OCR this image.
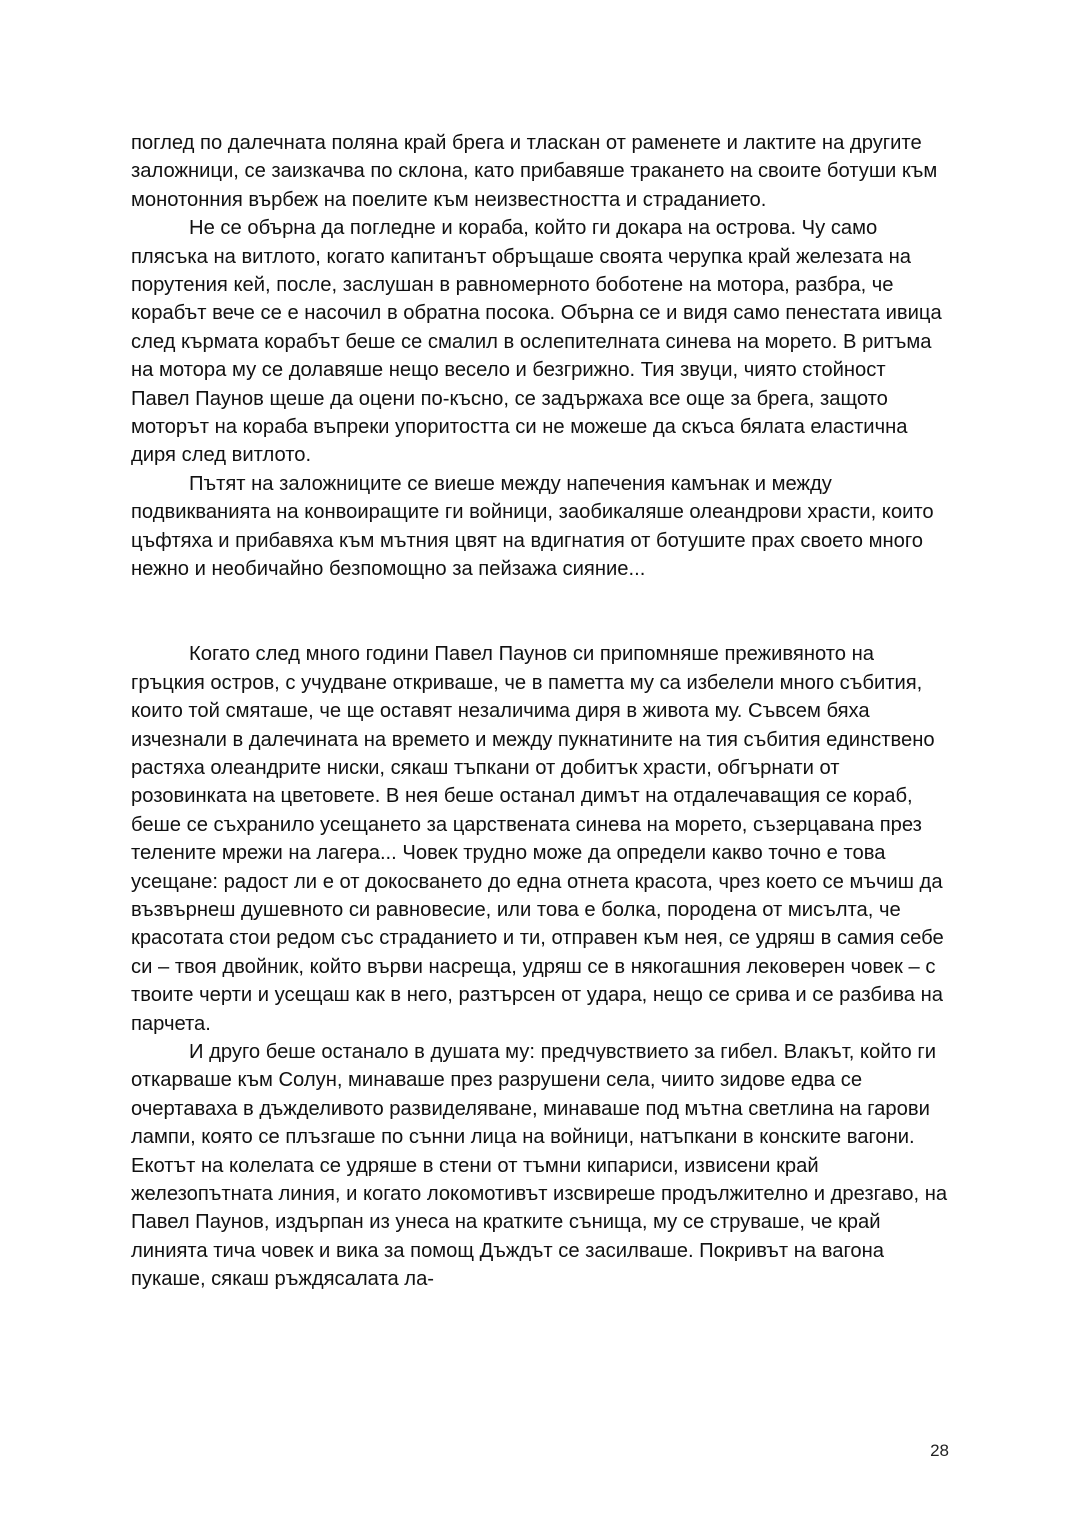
поглед по далечната поляна край брега и тласкан от раменете и лактите на другите заложници, се заизкачва по склона, като прибавяше тракането на своите ботуши към монотонния върбеж на поелите към неизвестността и страданието.

Не се обърна да погледне и кораба, който ги докара на острова. Чу само плясъка на витлото, когато капитанът обръщаше своята черупка край железата на порутения кей, после, заслушан в равномерното боботене на мотора, разбра, че корабът вече се е насочил в обратна посока. Обърна се и видя само пенестата ивица след кърмата корабът беше се смалил в ослепителната синева на морето. В ритъма на мотора му се долавяше нещо весело и безгрижно. Тия звуци, чиято стойност Павел Паунов щеше да оцени по-късно, се задържаха все още за брега, защото моторът на кораба въпреки упоритостта си не можеше да скъса бялата еластична диря след витлото.

Пътят на заложниците се виеше между напечения камънак и между подвикванията на конвоиращите ги войници, заобикаляше олеандрови храсти, които цъфтяха и прибавяха към мътния цвят на вдигнатия от ботушите прах своето много нежно и необичайно безпомощно за пейзажа сияние...

Когато след много години Павел Паунов си припомняше преживяното на гръцкия остров, с учудване откриваше, че в паметта му са избелели много събития, които той смяташе, че ще оставят незаличима диря в живота му. Съвсем бяха изчезнали в далечината на времето и между пукнатините на тия събития единствено растяха олеандрите ниски, сякаш тъпкани от добитък храсти, обгърнати от розовинката на цветовете. В нея беше останал димът на отдалечаващия се кораб, беше се съхранило усещането за царствената синева на морето, съзерцавана през телените мрежи на лагера... Човек трудно може да определи какво точно е това усещане: радост ли е от докосването до една отнета красота, чрез което се мъчиш да възвърнеш душевното си равновесие, или това е болка, породена от мисълта, че красотата стои редом със страданието и ти, отправен към нея, се удряш в самия себе си – твоя двойник, който върви насреща, удряш се в някогашния лековерен човек – с твоите черти и усещаш как в него, разтърсен от удара, нещо се срива и се разбива на парчета.

И друго беше останало в душата му: предчувствието за гибел. Влакът, който ги откарваше към Солун, минаваше през разрушени села, чиито зидове едва се очертаваха в дъжделивото развиделяване, минаваше под мътна светлина на гарови лампи, която се плъзгаше по сънни лица на войници, натъпкани в конските вагони. Екотът на колелата се удряше в стени от тъмни кипариси, извисени край железопътната линия, и когато локомотивът изсвиреше продължително и дрезгаво, на Павел Паунов, издърпан из унеса на кратките сънища, му се струваше, че край линията тича човек и вика за помощ Дъждът се засилваше. Покривът на вагона пукаше, сякаш ръждясалата ла-

28
